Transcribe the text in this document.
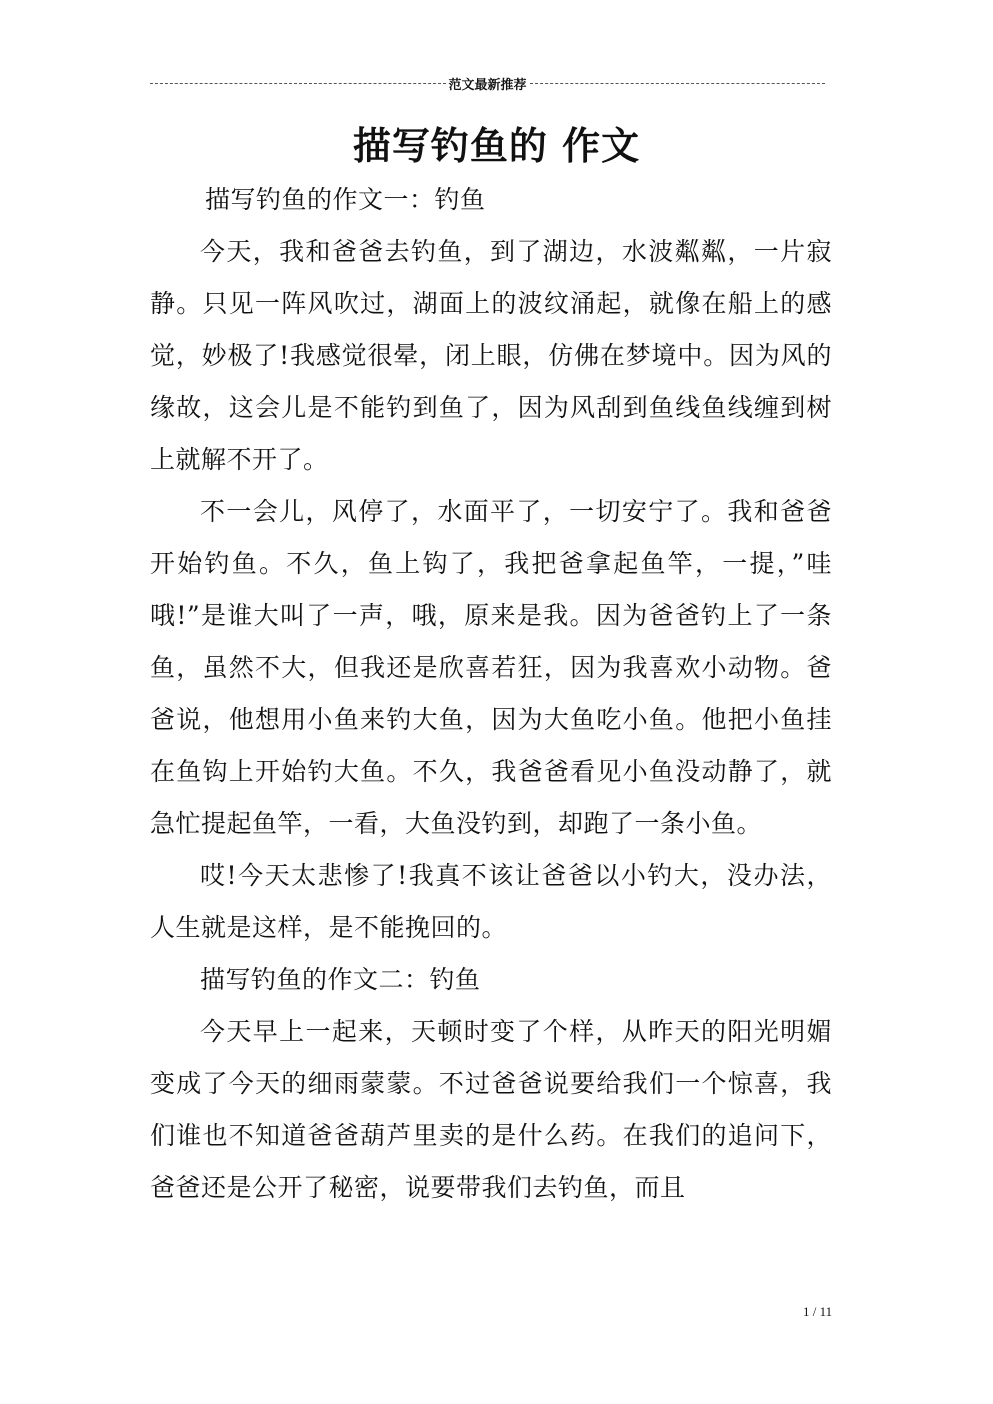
范文最新推荐
描写钓鱼的 作文

描写钓鱼的作文一：钓鱼

今天，我和爸爸去钓鱼，到了湖边，水波粼粼，一片寂静。只见一阵风吹过，湖面上的波纹涌起，就像在船上的感觉，妙极了!我感觉很晕，闭上眼，仿佛在梦境中。因为风的缘故，这会儿是不能钓到鱼了，因为风刮到鱼线鱼线缠到树上就解不开了。

不一会儿，风停了，水面平了，一切安宁了。我和爸爸开始钓鱼。不久，鱼上钩了，我把爸拿起鱼竿，一提，”哇哦!”是谁大叫了一声，哦，原来是我。因为爸爸钓上了一条鱼，虽然不大，但我还是欣喜若狂，因为我喜欢小动物。爸爸说，他想用小鱼来钓大鱼，因为大鱼吃小鱼。他把小鱼挂在鱼钩上开始钓大鱼。不久，我爸爸看见小鱼没动静了，就急忙提起鱼竿，一看，大鱼没钓到，却跑了一条小鱼。

哎!今天太悲惨了!我真不该让爸爸以小钓大，没办法，人生就是这样，是不能挽回的。

描写钓鱼的作文二：钓鱼

今天早上一起来，天顿时变了个样，从昨天的阳光明媚变成了今天的细雨蒙蒙。不过爸爸说要给我们一个惊喜，我们谁也不知道爸爸葫芦里卖的是什么药。在我们的追问下，爸爸还是公开了秘密，说要带我们去钓鱼，而且

1 / 11
